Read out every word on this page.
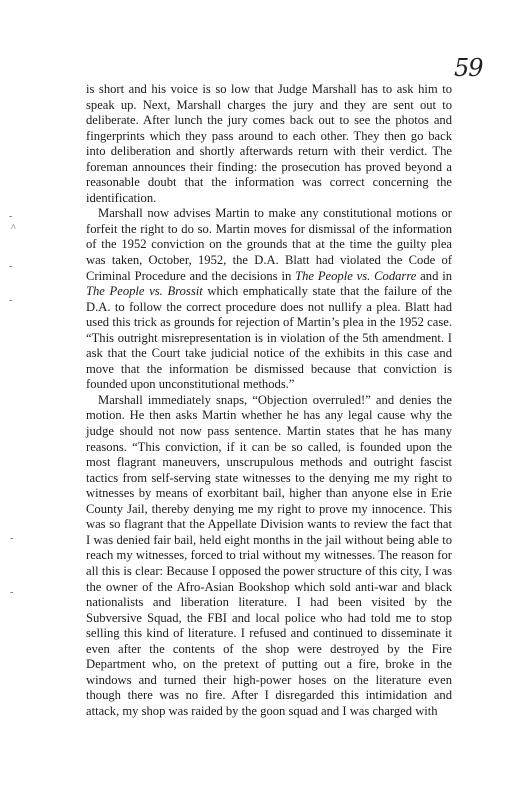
59
-
^
-
-
-
-

is short and his voice is so low that Judge Marshall has to ask him to speak up. Next, Marshall charges the jury and they are sent out to deliberate. After lunch the jury comes back out to see the photos and fingerprints which they pass around to each other. They then go back into deliberation and shortly afterwards return with their verdict. The foreman announces their finding: the prosecution has proved beyond a reasonable doubt that the information was correct concerning the identification.

Marshall now advises Martin to make any constitutional motions or forfeit the right to do so. Martin moves for dismissal of the information of the 1952 conviction on the grounds that at the time the guilty plea was taken, October, 1952, the D.A. Blatt had violated the Code of Criminal Procedure and the decisions in The People vs. Codarre and in The People vs. Brossit which emphatically state that the failure of the D.A. to follow the correct procedure does not nullify a plea. Blatt had used this trick as grounds for rejection of Martin’s plea in the 1952 case. “This outright misrepresentation is in violation of the 5th amendment. I ask that the Court take judicial notice of the exhibits in this case and move that the information be dismissed because that conviction is founded upon unconstitutional methods.”

Marshall immediately snaps, “Objection overruled!” and denies the motion. He then asks Martin whether he has any legal cause why the judge should not now pass sentence. Martin states that he has many reasons. “This conviction, if it can be so called, is founded upon the most flagrant maneuvers, unscrupulous methods and outright fascist tactics from self-serving state witnesses to the denying me my right to witnesses by means of exorbitant bail, higher than anyone else in Erie County Jail, thereby denying me my right to prove my innocence. This was so flagrant that the Appellate Division wants to review the fact that I was denied fair bail, held eight months in the jail without being able to reach my witnesses, forced to trial without my witnesses. The reason for all this is clear: Because I opposed the power structure of this city, I was the owner of the Afro-Asian Bookshop which sold anti-war and black nationalists and liberation literature. I had been visited by the Subversive Squad, the FBI and local police who had told me to stop selling this kind of literature. I refused and continued to disseminate it even after the contents of the shop were destroyed by the Fire Department who, on the pretext of putting out a fire, broke in the windows and turned their high-power hoses on the literature even though there was no fire. After I disregarded this intimidation and attack, my shop was raided by the goon squad and I was charged with
